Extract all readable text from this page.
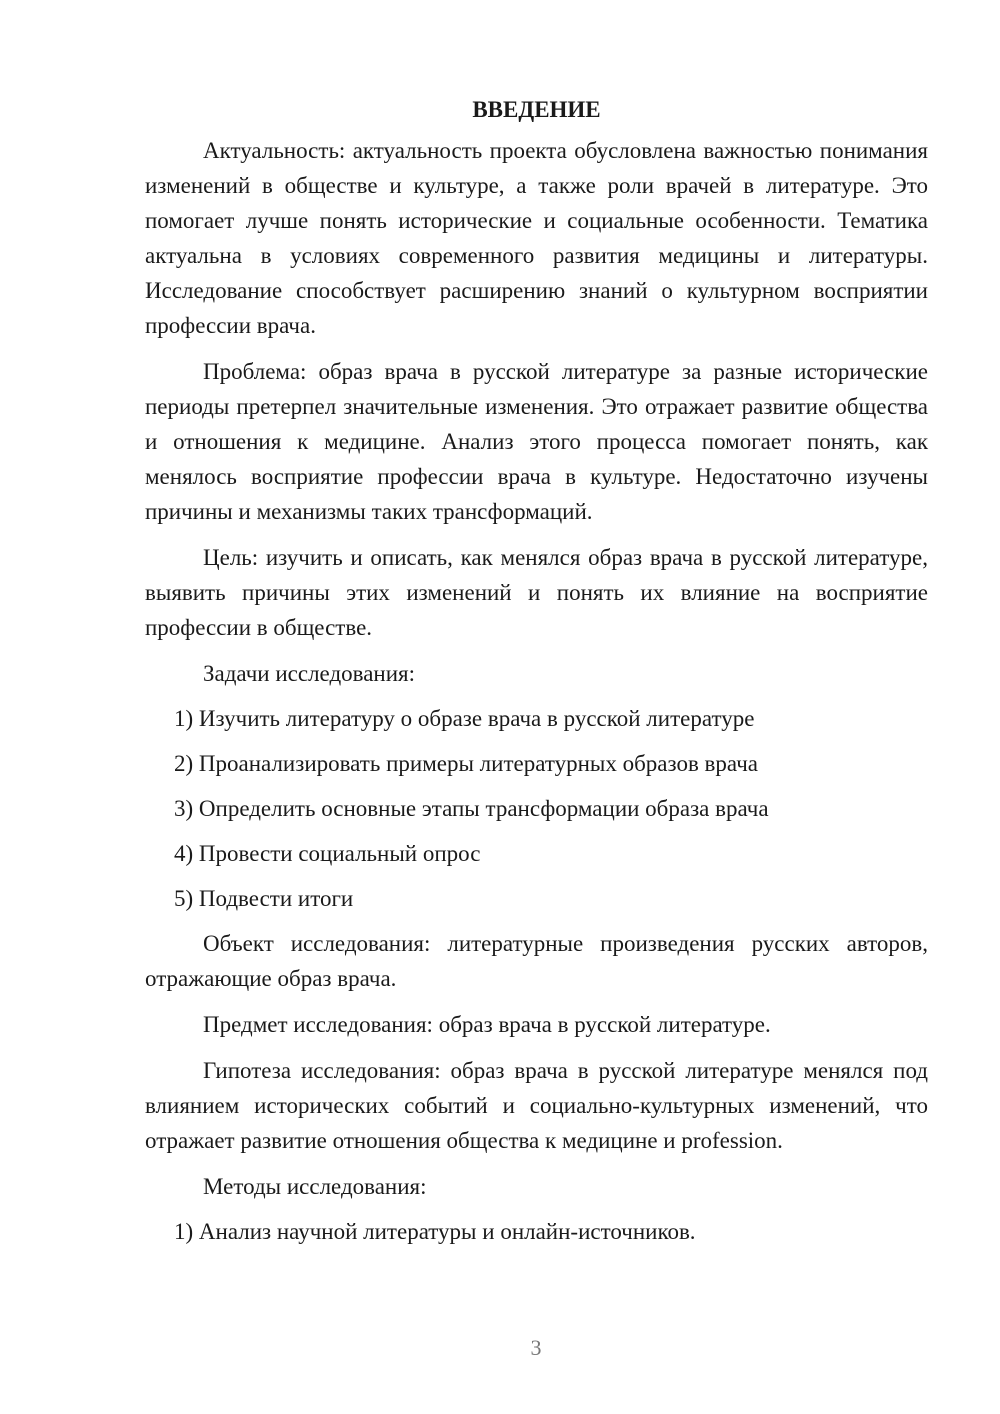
ВВЕДЕНИЕ

Актуальность: актуальность проекта обусловлена важностью понимания изменений в обществе и культуре, а также роли врачей в литературе. Это помогает лучше понять исторические и социальные особенности. Тематика актуальна в условиях современного развития медицины и литературы. Исследование способствует расширению знаний о культурном восприятии профессии врача.

Проблема: образ врача в русской литературе за разные исторические периоды претерпел значительные изменения. Это отражает развитие общества и отношения к медицине. Анализ этого процесса помогает понять, как менялось восприятие профессии врача в культуре. Недостаточно изучены причины и механизмы таких трансформаций.

Цель: изучить и описать, как менялся образ врача в русской литературе, выявить причины этих изменений и понять их влияние на восприятие профессии в обществе.

Задачи исследования:

1) Изучить литературу о образе врача в русской литературе
2) Проанализировать примеры литературных образов врача
3) Определить основные этапы трансформации образа врача
4) Провести социальный опрос
5) Подвести итоги

Объект исследования: литературные произведения русских авторов, отражающие образ врача.

Предмет исследования: образ врача в русской литературе.

Гипотеза исследования: образ врача в русской литературе менялся под влиянием исторических событий и социально-культурных изменений, что отражает развитие отношения общества к медицине и profession.

Методы исследования:

1) Анализ научной литературы и онлайн-источников.
3
